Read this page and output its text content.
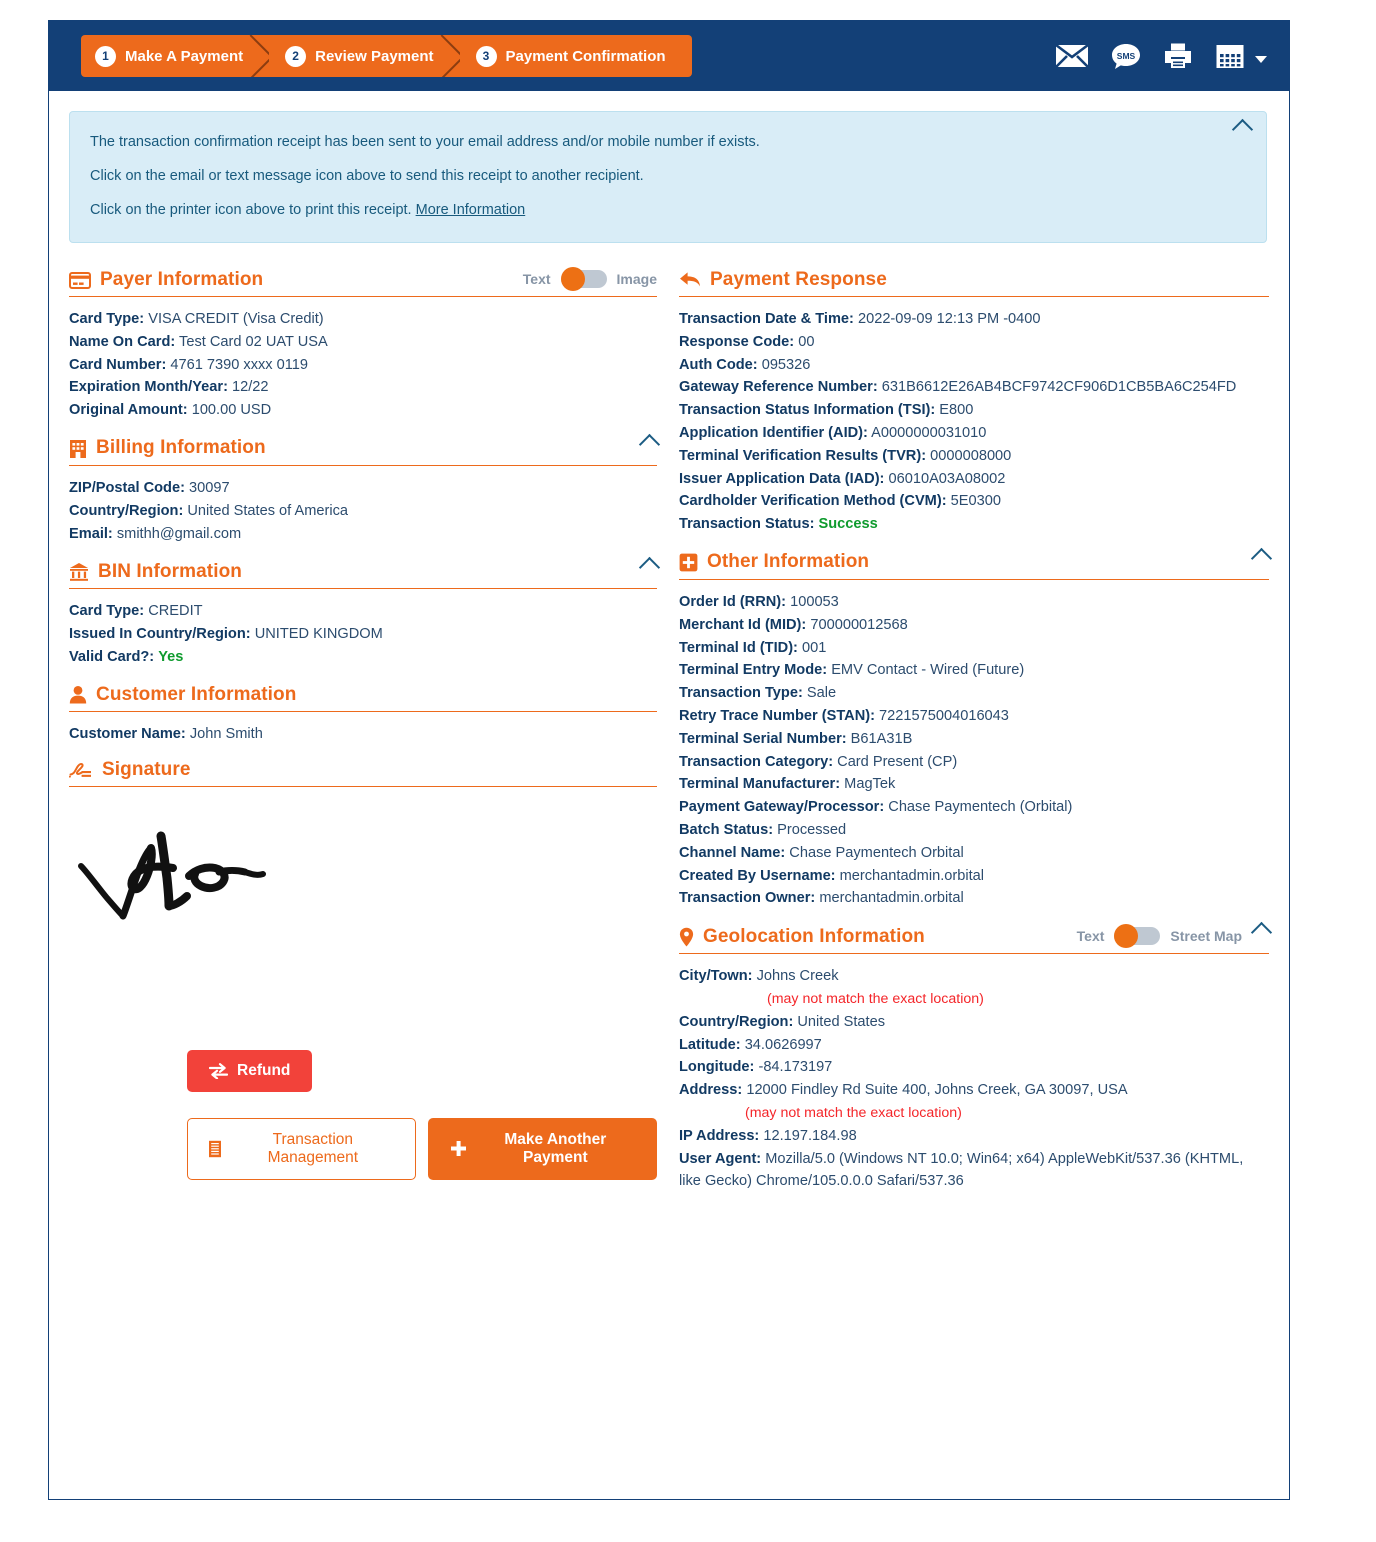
1	Make A Payment	2	Review Payment	3	Payment Confirmation	SMS

The transaction confirmation receipt has been sent to your email address and/or mobile number if exists.

Click on the email or text message icon above to send this receipt to another recipient.

Click on the printer icon above to print this receipt. More Information

Payer Information	Text	Image
Card Type: VISA CREDIT (Visa Credit)
Name On Card: Test Card 02 UAT USA
Card Number: 4761 7390 xxxx 0119
Expiration Month/Year: 12/22
Original Amount: 100.00 USD
Billing Information
ZIP/Postal Code: 30097
Country/Region: United States of America
Email: smithh@gmail.com
BIN Information
Card Type: CREDIT
Issued In Country/Region: UNITED KINGDOM
Valid Card?: Yes
Customer Information
Customer Name: John Smith
Signature
Refund
Transaction Management
Make Another Payment
Payment Response
Transaction Date & Time: 2022-09-09 12:13 PM -0400
Response Code: 00
Auth Code: 095326
Gateway Reference Number: 631B6612E26AB4BCF9742CF906D1CB5BA6C254FD
Transaction Status Information (TSI): E800
Application Identifier (AID): A0000000031010
Terminal Verification Results (TVR): 0000008000
Issuer Application Data (IAD): 06010A03A08002
Cardholder Verification Method (CVM): 5E0300
Transaction Status: Success
Other Information
Order Id (RRN): 100053
Merchant Id (MID): 700000012568
Terminal Id (TID): 001
Terminal Entry Mode: EMV Contact - Wired (Future)
Transaction Type: Sale
Retry Trace Number (STAN): 7221575004016043
Terminal Serial Number: B61A31B
Transaction Category: Card Present (CP)
Terminal Manufacturer: MagTek
Payment Gateway/Processor: Chase Paymentech (Orbital)
Batch Status: Processed
Channel Name: Chase Paymentech Orbital
Created By Username: merchantadmin.orbital
Transaction Owner: merchantadmin.orbital
Geolocation Information	Text	Street Map
City/Town: Johns Creek
(may not match the exact location)
Country/Region: United States
Latitude: 34.0626997
Longitude: -84.173197
Address: 12000 Findley Rd Suite 400, Johns Creek, GA 30097, USA
(may not match the exact location)
IP Address: 12.197.184.98
User Agent: Mozilla/5.0 (Windows NT 10.0; Win64; x64) AppleWebKit/537.36 (KHTML, like Gecko) Chrome/105.0.0.0 Safari/537.36
